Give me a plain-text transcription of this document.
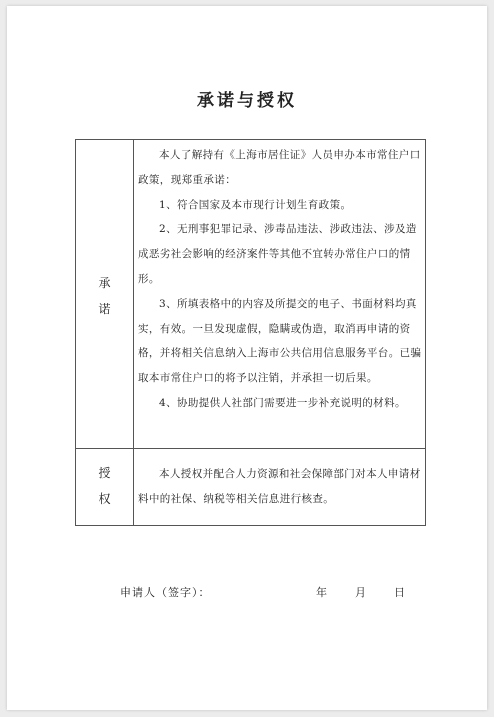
承诺与授权
承
诺

本人了解持有《上海市居住证》人员申办本市常住户口政策，现郑重承诺：

1、符合国家及本市现行计划生育政策。

2、无刑事犯罪记录、涉毒品违法、涉政违法、涉及造成恶劣社会影响的经济案件等其他不宜转办常住户口的情形。

3、所填表格中的内容及所提交的电子、书面材料均真实，有效。一旦发现虚假，隐瞒或伪造，取消再申请的资格，并将相关信息纳入上海市公共信用信息服务平台。已骗取本市常住户口的将予以注销，并承担一切后果。

4、协助提供人社部门需要进一步补充说明的材料。

授
权

本人授权并配合人力资源和社会保障部门对本人申请材料中的社保、纳税等相关信息进行核查。

申请人（签字）：	年 月 日
